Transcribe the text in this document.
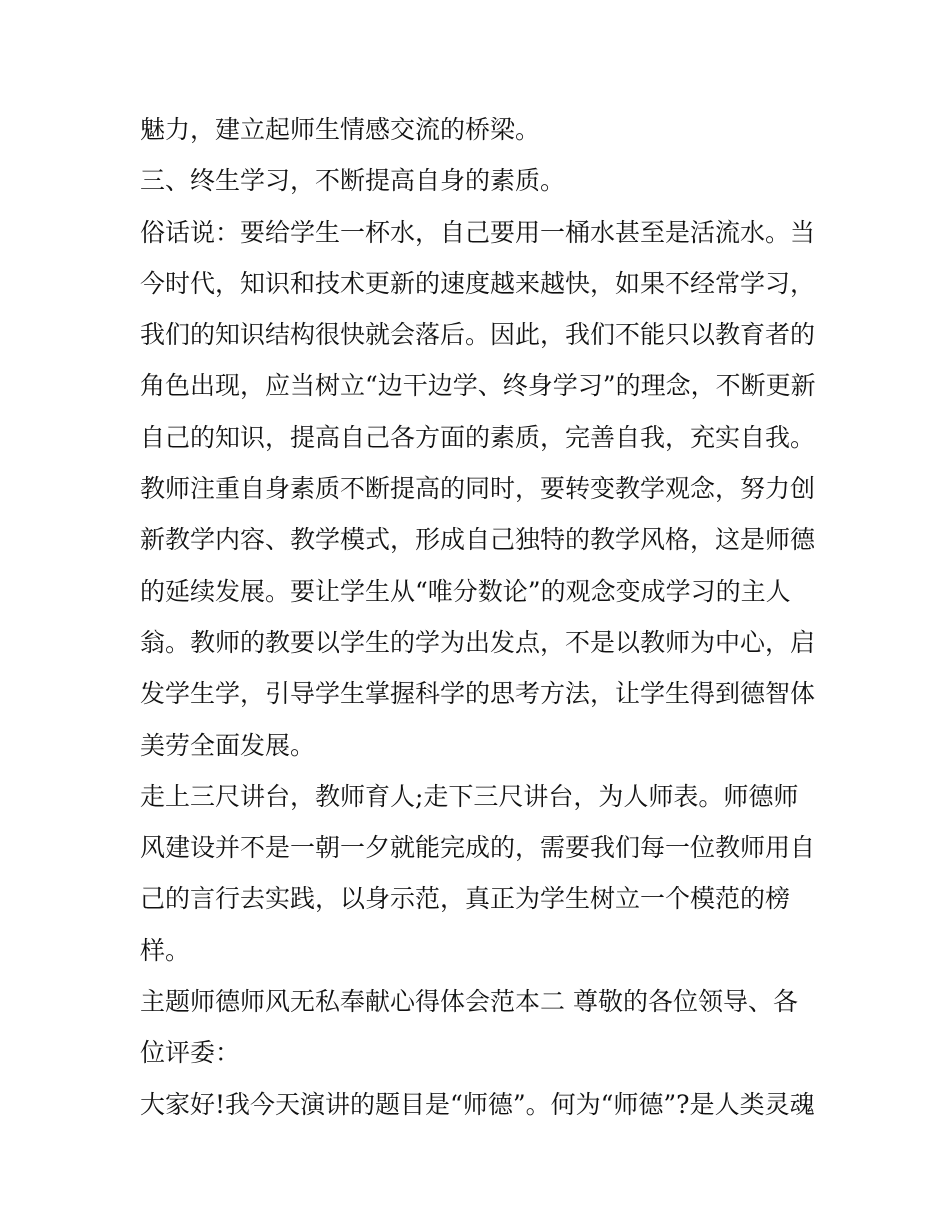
魅力，建立起师生情感交流的桥梁。
三、终生学习，不断提高自身的素质。
俗话说：要给学生一杯水，自己要用一桶水甚至是活流水。当
今时代，知识和技术更新的速度越来越快，如果不经常学习，
我们的知识结构很快就会落后。因此，我们不能只以教育者的
角色出现，应当树立“边干边学、终身学习”的理念，不断更新
自己的知识，提高自己各方面的素质，完善自我，充实自我。
教师注重自身素质不断提高的同时，要转变教学观念，努力创
新教学内容、教学模式，形成自己独特的教学风格，这是师德
的延续发展。要让学生从“唯分数论”的观念变成学习的主人
翁。教师的教要以学生的学为出发点，不是以教师为中心，启
发学生学，引导学生掌握科学的思考方法，让学生得到德智体
美劳全面发展。
走上三尺讲台，教师育人;走下三尺讲台，为人师表。师德师
风建设并不是一朝一夕就能完成的，需要我们每一位教师用自
己的言行去实践，以身示范，真正为学生树立一个模范的榜
样。
主题师德师风无私奉献心得体会范本二 尊敬的各位领导、各
位评委：
大家好!我今天演讲的题目是“师德”。何为“师德”?是人类灵魂
